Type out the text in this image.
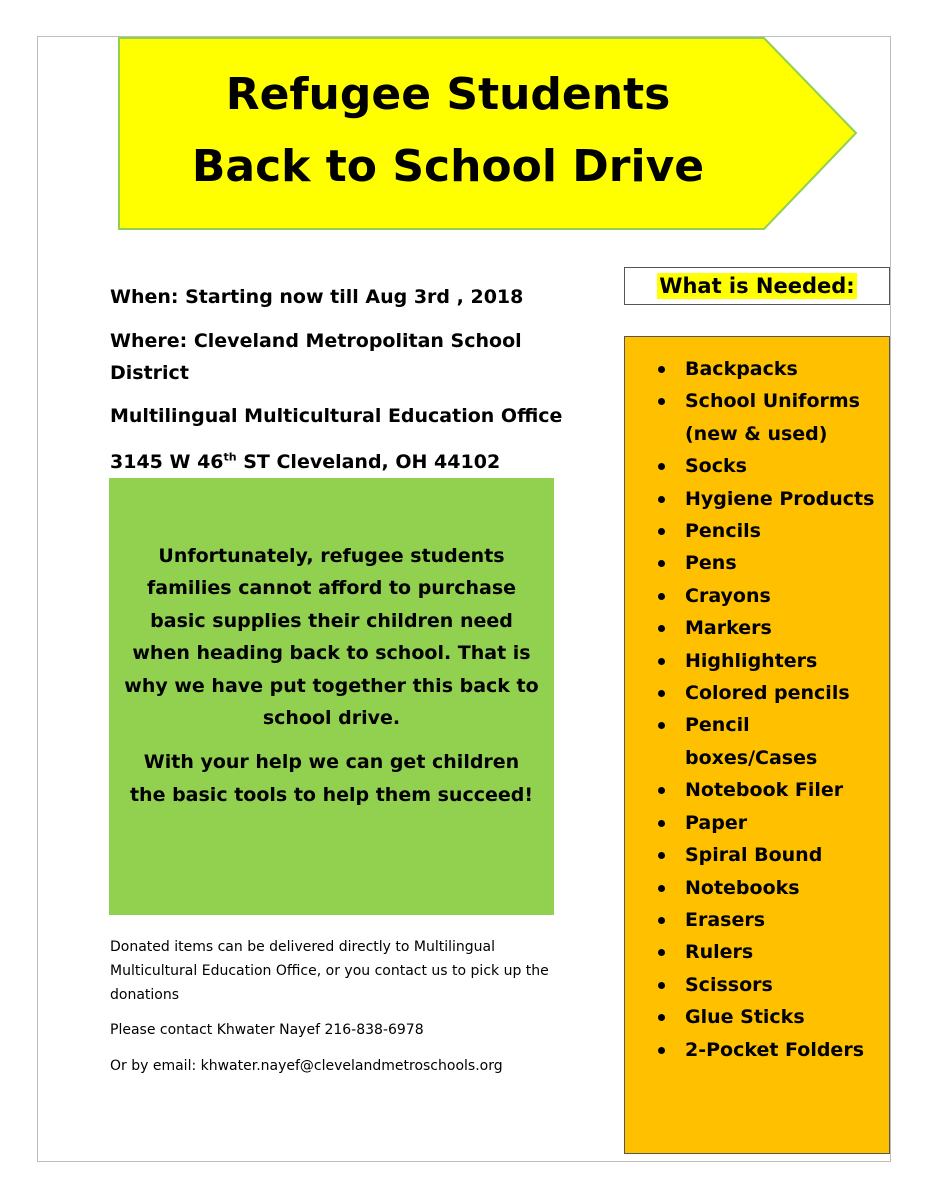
Refugee Students
Back to School Drive
When: Starting now till Aug 3rd , 2018
Where: Cleveland Metropolitan School
District
Multilingual Multicultural Education Office
3145 W 46th ST Cleveland, OH 44102

Unfortunately, refugee students families cannot afford to purchase basic supplies their children need when heading back to school. That is why we have put together this back to school drive.

With your help we can get children the basic tools to help them succeed!

Donated items can be delivered directly to Multilingual
Multicultural Education Office, or you contact us to pick up the
donations
Please contact Khwater Nayef 216-838-6978
Or by email: khwater.nayef@clevelandmetroschools.org
What is Needed:
Backpacks
School Uniforms (new & used)
Socks
Hygiene Products
Pencils
Pens
Crayons
Markers
Highlighters
Colored pencils
Pencil boxes/Cases
Notebook Filer
Paper
Spiral Bound
Notebooks
Erasers
Rulers
Scissors
Glue Sticks
2-Pocket Folders
